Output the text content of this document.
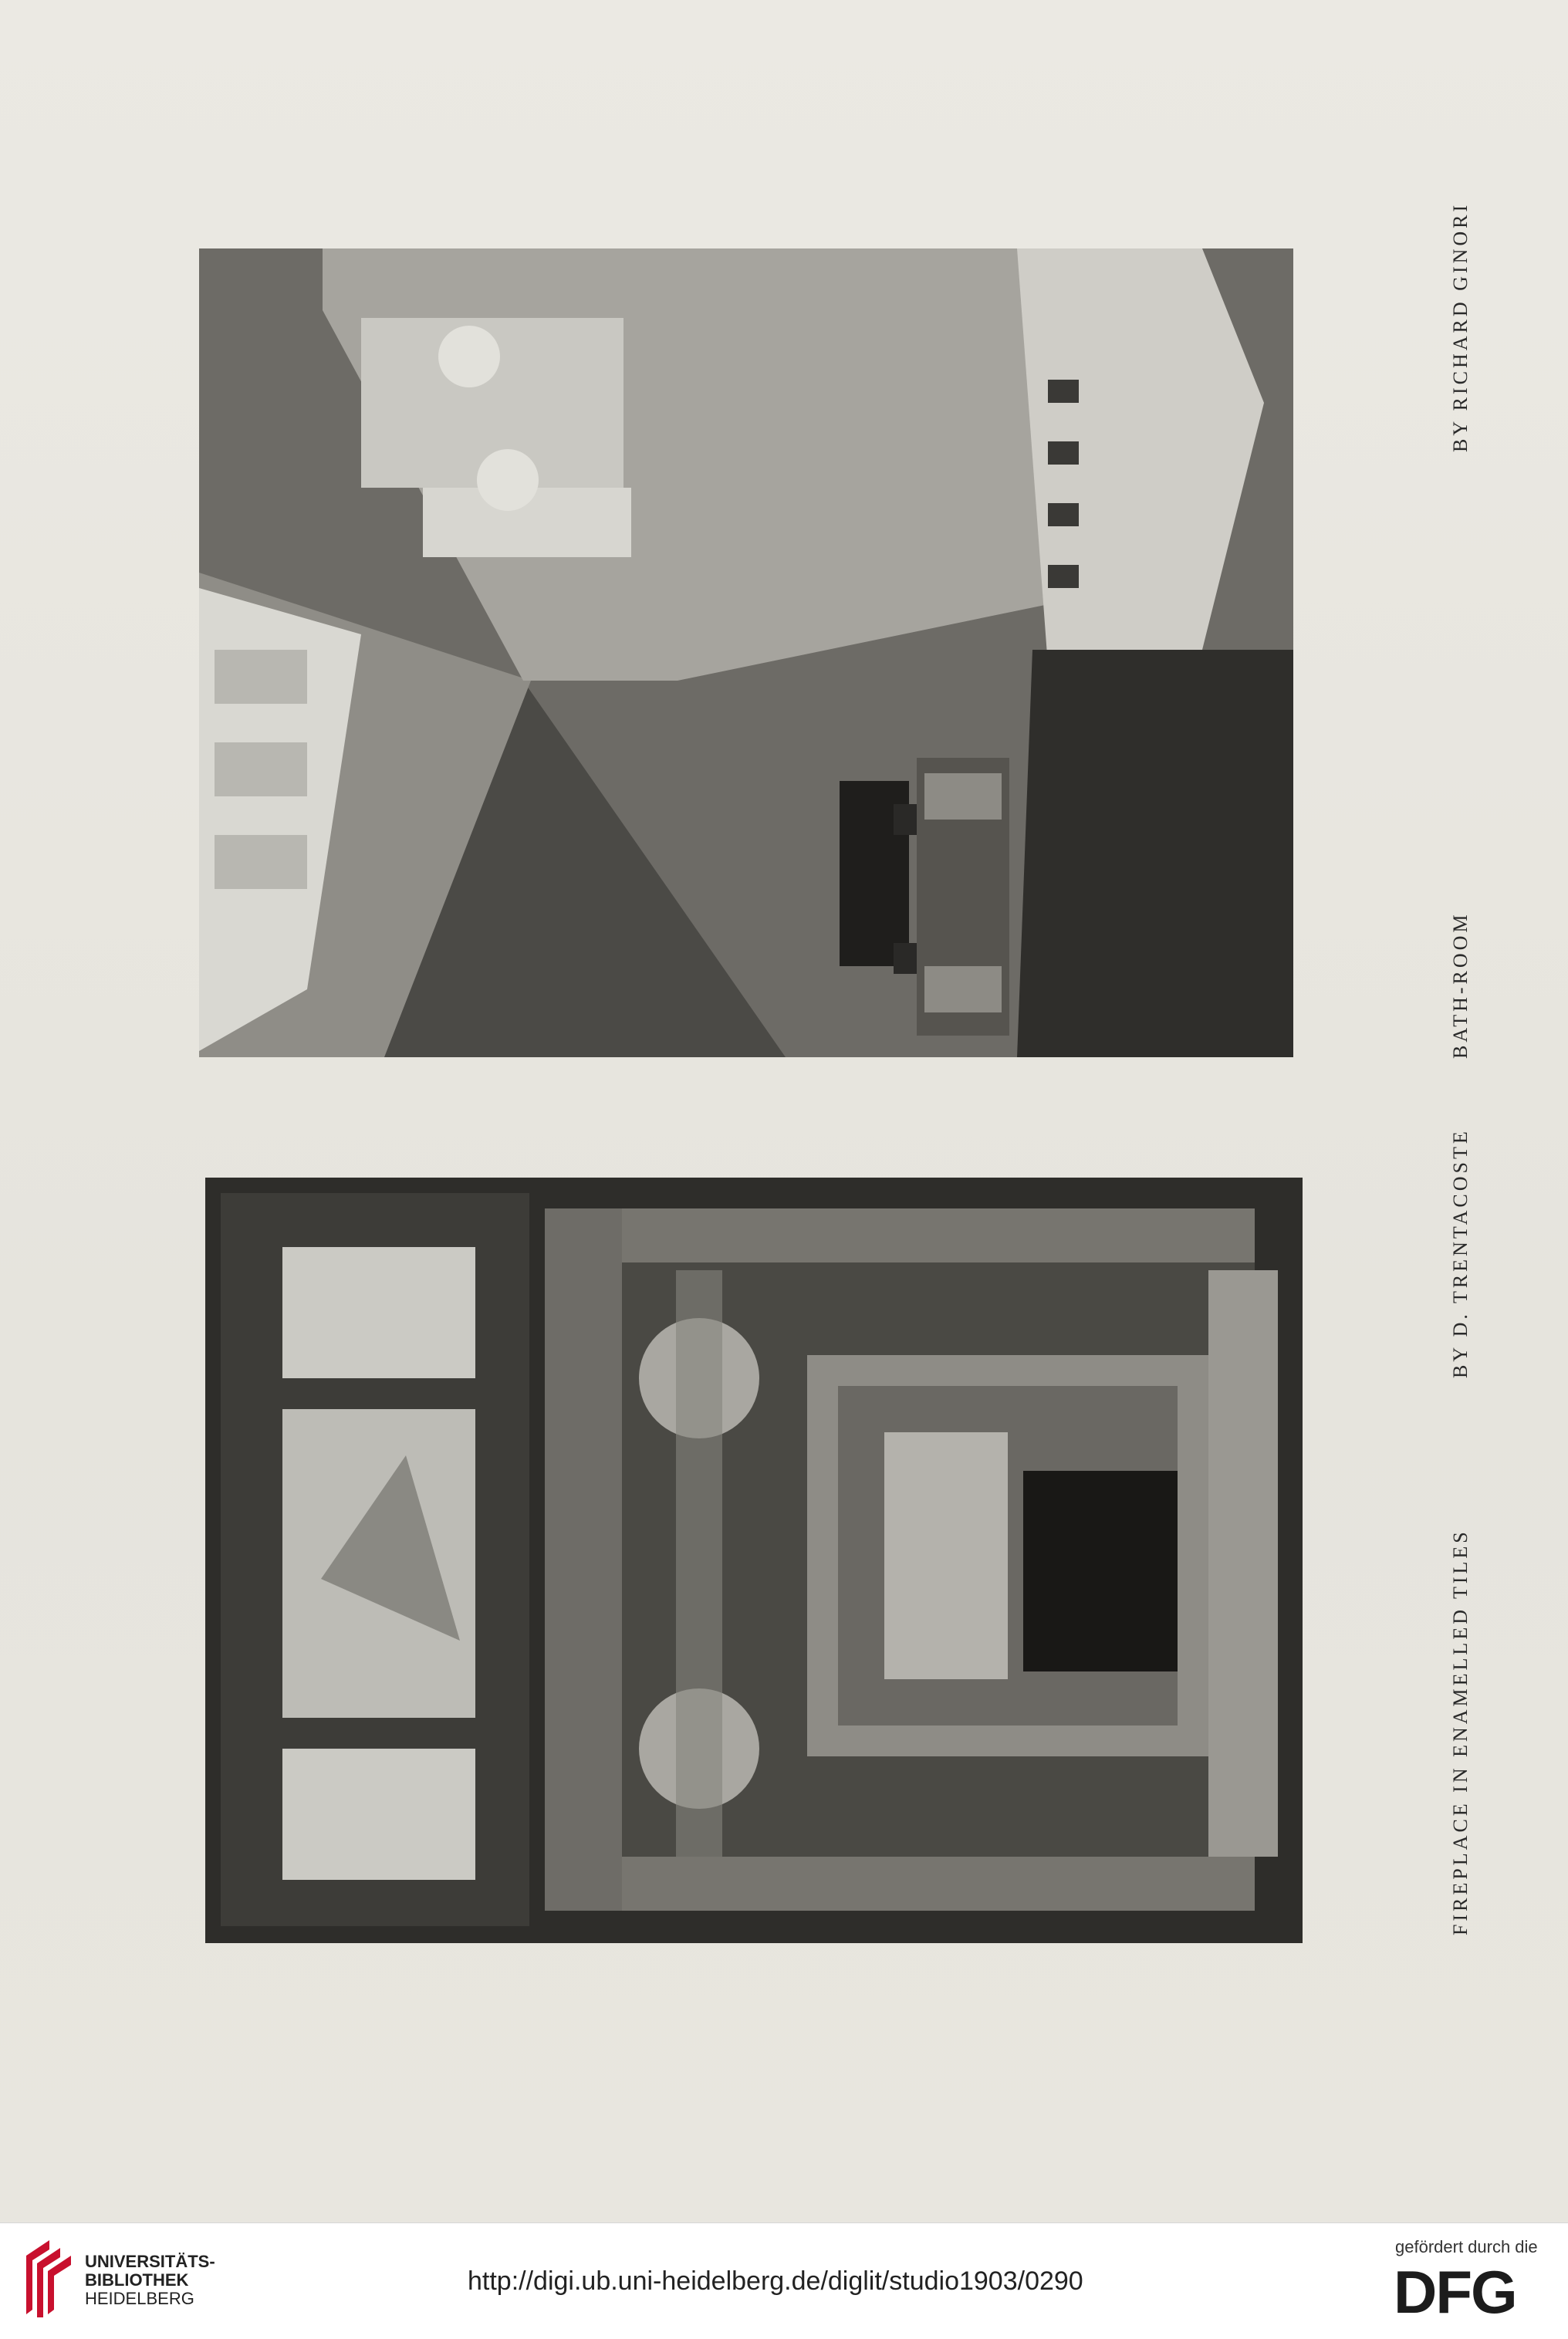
BY RICHARD GINORI
BATH-ROOM
BY D. TRENTACOSTE
FIREPLACE IN ENAMELLED TILES
UNIVERSITÄTS-
BIBLIOTHEK
HEIDELBERG
http://digi.ub.uni-heidelberg.de/diglit/studio1903/0290
gefördert durch die
DFG
